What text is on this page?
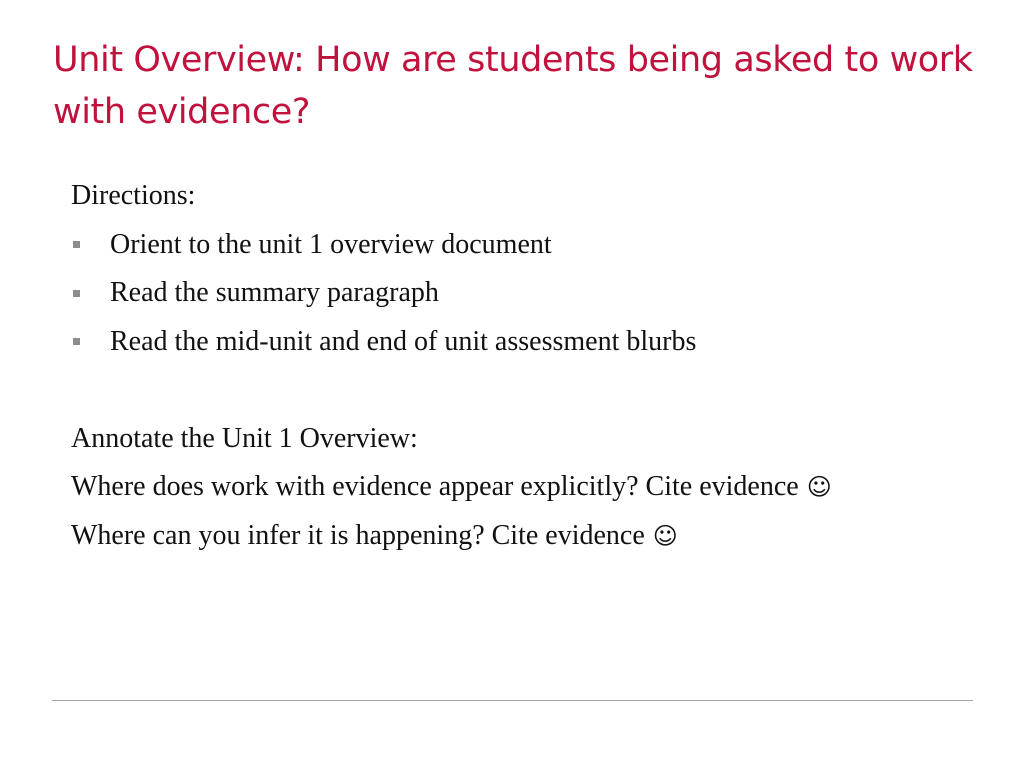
Unit Overview: How are students being asked to work with evidence?
Directions:
Orient to the unit 1 overview document
Read the summary paragraph
Read the mid-unit and end of unit assessment blurbs
Annotate the Unit 1 Overview:
Where does work with evidence appear explicitly? Cite evidence ☺
Where can you infer it is happening? Cite evidence ☺
